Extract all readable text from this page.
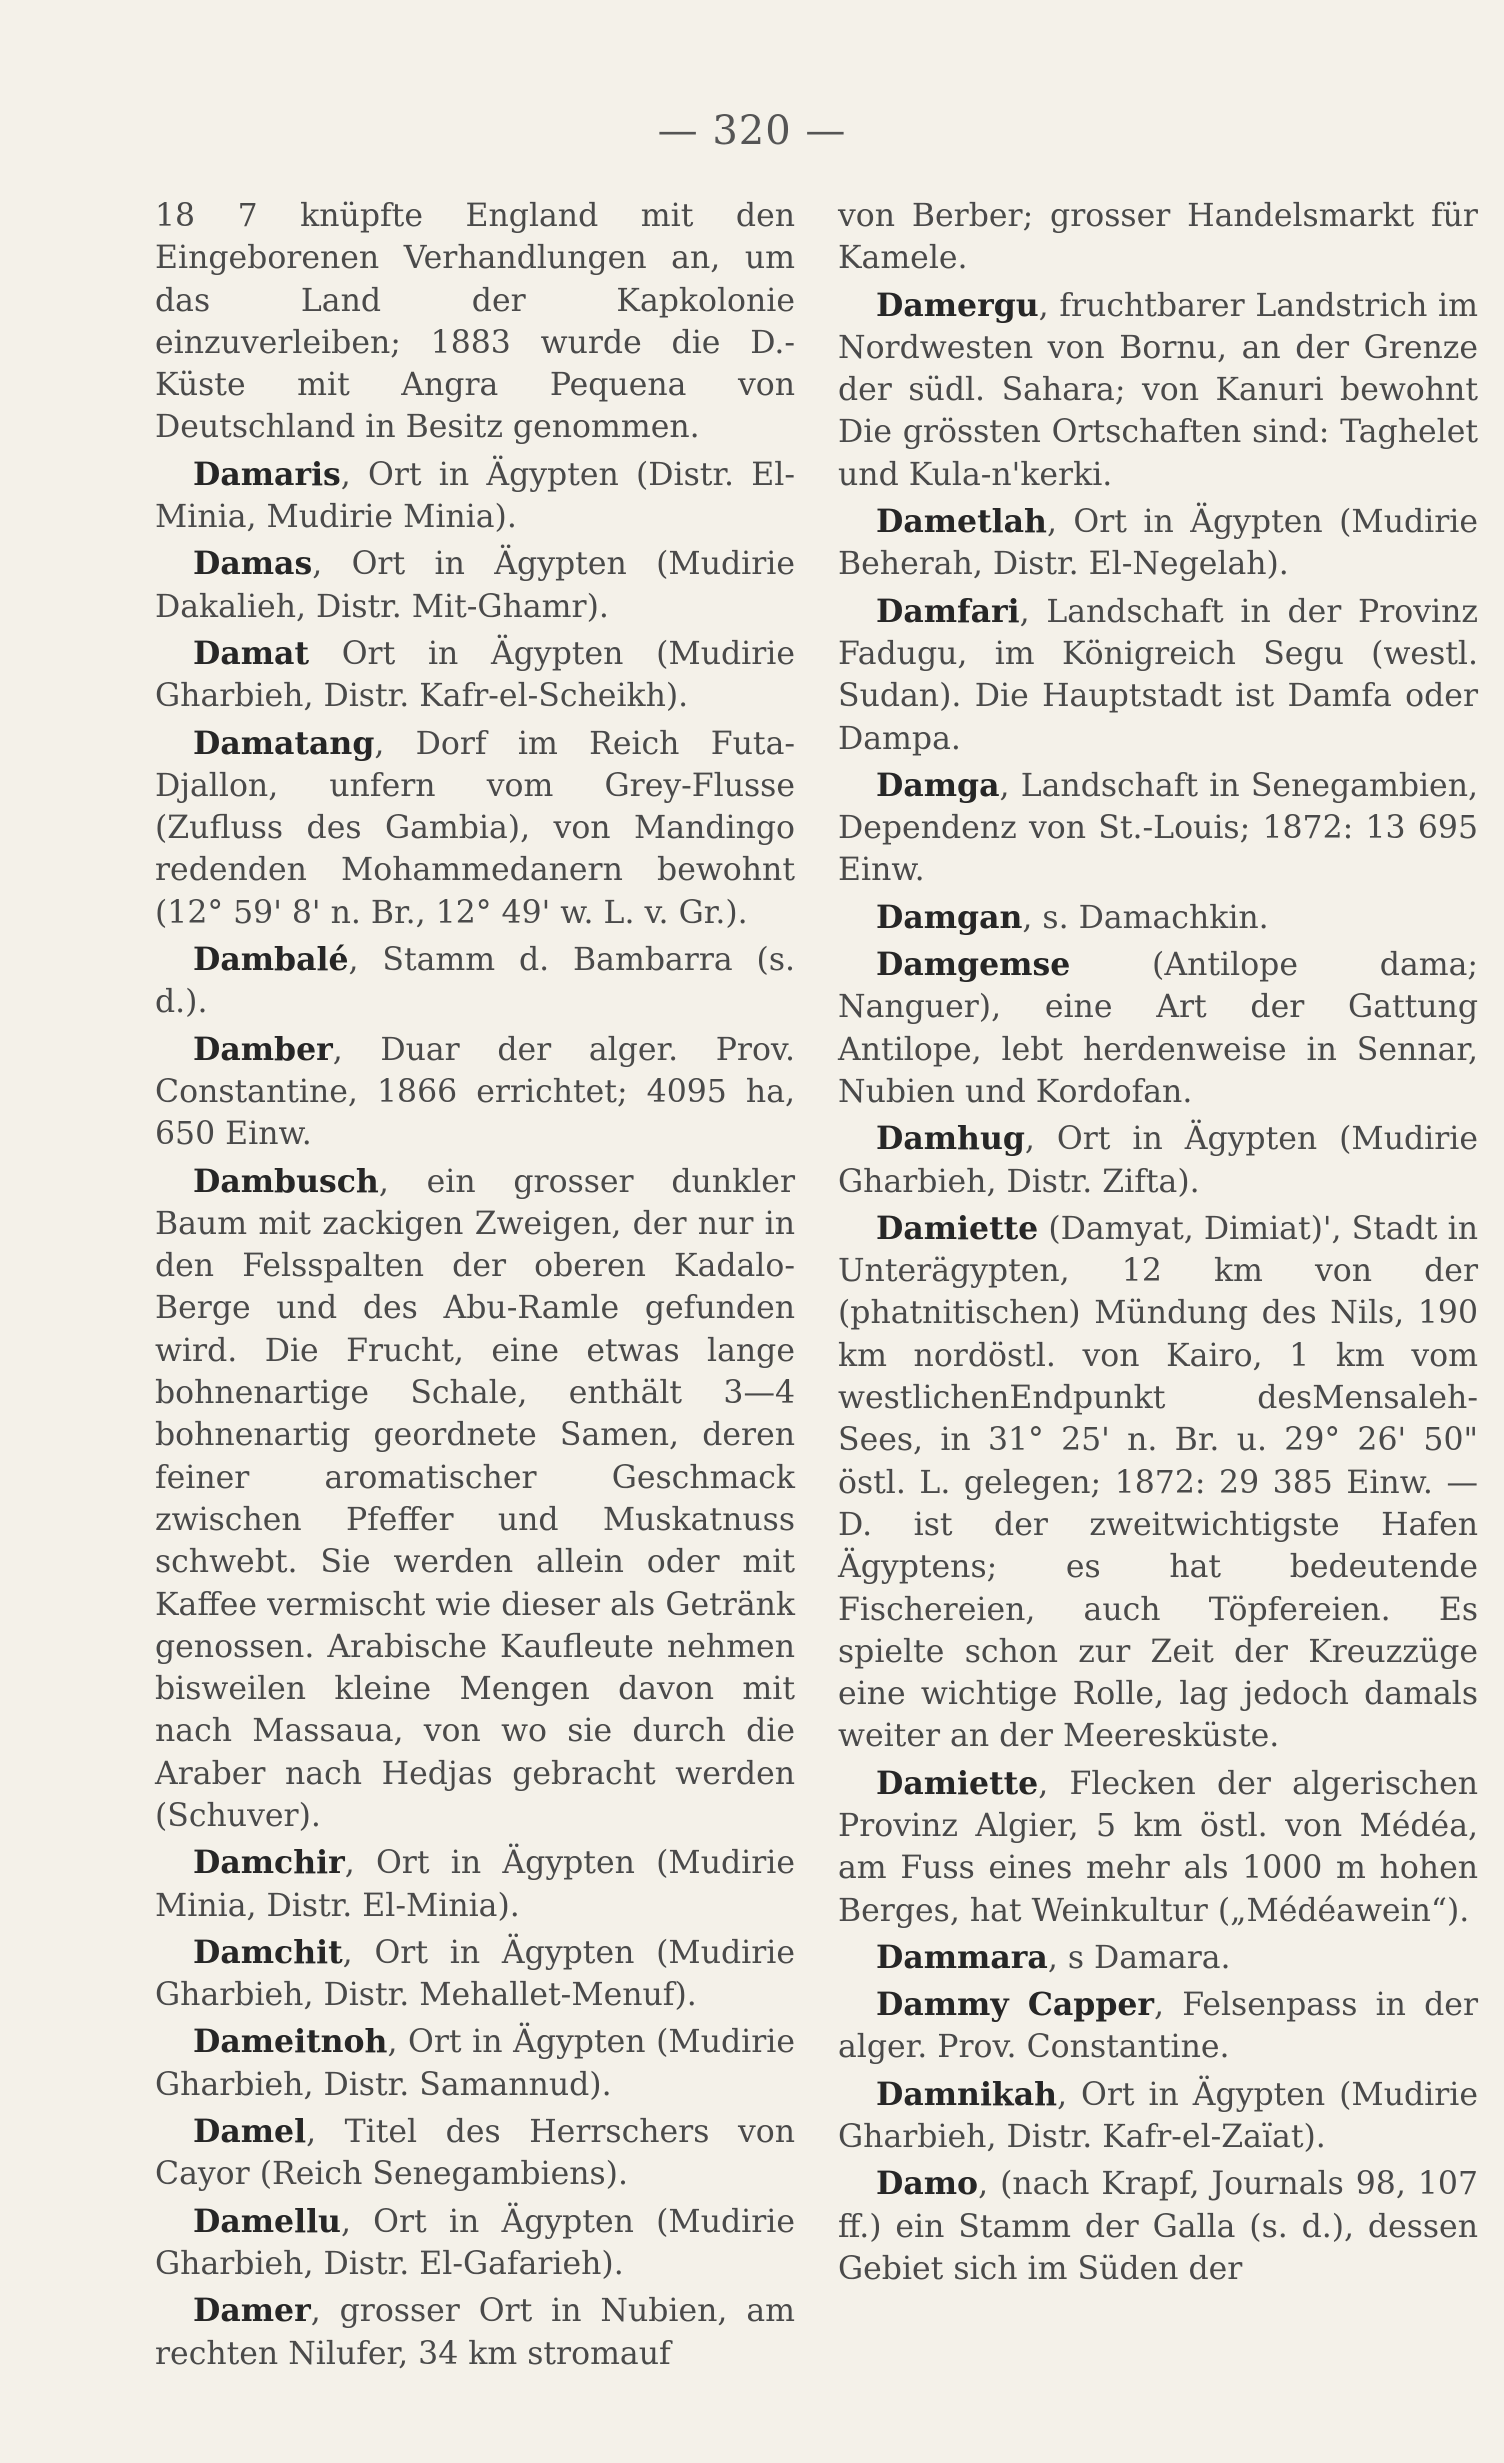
— 320 —

18 7 knüpfte England mit den Eingeborenen Verhandlungen an, um das Land der Kapkolonie einzuverleiben; 1883 wurde die D.-Küste mit Angra Pequena von Deutschland in Besitz genommen.

Damaris, Ort in Ägypten (Distr. El-Minia, Mudirie Minia).

Damas, Ort in Ägypten (Mudirie Dakalieh, Distr. Mit-Ghamr).

Damat Ort in Ägypten (Mudirie Gharbieh, Distr. Kafr-el-Scheikh).

Damatang, Dorf im Reich Futa-Djallon, unfern vom Grey-Flusse (Zufluss des Gambia), von Mandingo redenden Mohammedanern bewohnt (12° 59' 8' n. Br., 12° 49' w. L. v. Gr.).

Dambalé, Stamm d. Bambarra (s. d.).

Damber, Duar der alger. Prov. Constantine, 1866 errichtet; 4095 ha, 650 Einw.

Dambusch, ein grosser dunkler Baum mit zackigen Zweigen, der nur in den Felsspalten der oberen Kadalo-Berge und des Abu-Ramle gefunden wird. Die Frucht, eine etwas lange bohnenartige Schale, enthält 3—4 bohnenartig geordnete Samen, deren feiner aromatischer Geschmack zwischen Pfeffer und Muskatnuss schwebt. Sie werden allein oder mit Kaffee vermischt wie dieser als Getränk genossen. Arabische Kaufleute nehmen bisweilen kleine Mengen davon mit nach Massaua, von wo sie durch die Araber nach Hedjas gebracht werden (Schuver).

Damchir, Ort in Ägypten (Mudirie Minia, Distr. El-Minia).

Damchit, Ort in Ägypten (Mudirie Gharbieh, Distr. Mehallet-Menuf).

Dameitnoh, Ort in Ägypten (Mudirie Gharbieh, Distr. Samannud).

Damel, Titel des Herrschers von Cayor (Reich Senegambiens).

Damellu, Ort in Ägypten (Mudirie Gharbieh, Distr. El-Gafarieh).

Damer, grosser Ort in Nubien, am rechten Nilufer, 34 km stromauf

von Berber; grosser Handelsmarkt für Kamele.

Damergu, fruchtbarer Landstrich im Nordwesten von Bornu, an der Grenze der südl. Sahara; von Kanuri bewohnt Die grössten Ortschaften sind: Taghelet und Kula-n'kerki.

Dametlah, Ort in Ägypten (Mudirie Beherah, Distr. El-Negelah).

Damfari, Landschaft in der Provinz Fadugu, im Königreich Segu (westl. Sudan). Die Hauptstadt ist Damfa oder Dampa.

Damga, Landschaft in Senegambien, Dependenz von St.-Louis; 1872: 13 695 Einw.

Damgan, s. Damachkin.

Damgemse (Antilope dama; Nanguer), eine Art der Gattung Antilope, lebt herdenweise in Sennar, Nubien und Kordofan.

Damhug, Ort in Ägypten (Mudirie Gharbieh, Distr. Zifta).

Damiette (Damyat, Dimiat)', Stadt in Unterägypten, 12 km von der (phatnitischen) Mündung des Nils, 190 km nordöstl. von Kairo, 1 km vom westlichenEndpunkt desMensaleh-Sees, in 31° 25' n. Br. u. 29° 26' 50" östl. L. gelegen; 1872: 29 385 Einw. — D. ist der zweitwichtigste Hafen Ägyptens; es hat bedeutende Fischereien, auch Töpfereien. Es spielte schon zur Zeit der Kreuzzüge eine wichtige Rolle, lag jedoch damals weiter an der Meeresküste.

Damiette, Flecken der algerischen Provinz Algier, 5 km östl. von Médéa, am Fuss eines mehr als 1000 m hohen Berges, hat Weinkultur („Médéawein“).

Dammara, s Damara.

Dammy Capper, Felsenpass in der alger. Prov. Constantine.

Damnikah, Ort in Ägypten (Mudirie Gharbieh, Distr. Kafr-el-Zaïat).

Damo, (nach Krapf, Journals 98, 107 ff.) ein Stamm der Galla (s. d.), dessen Gebiet sich im Süden der
